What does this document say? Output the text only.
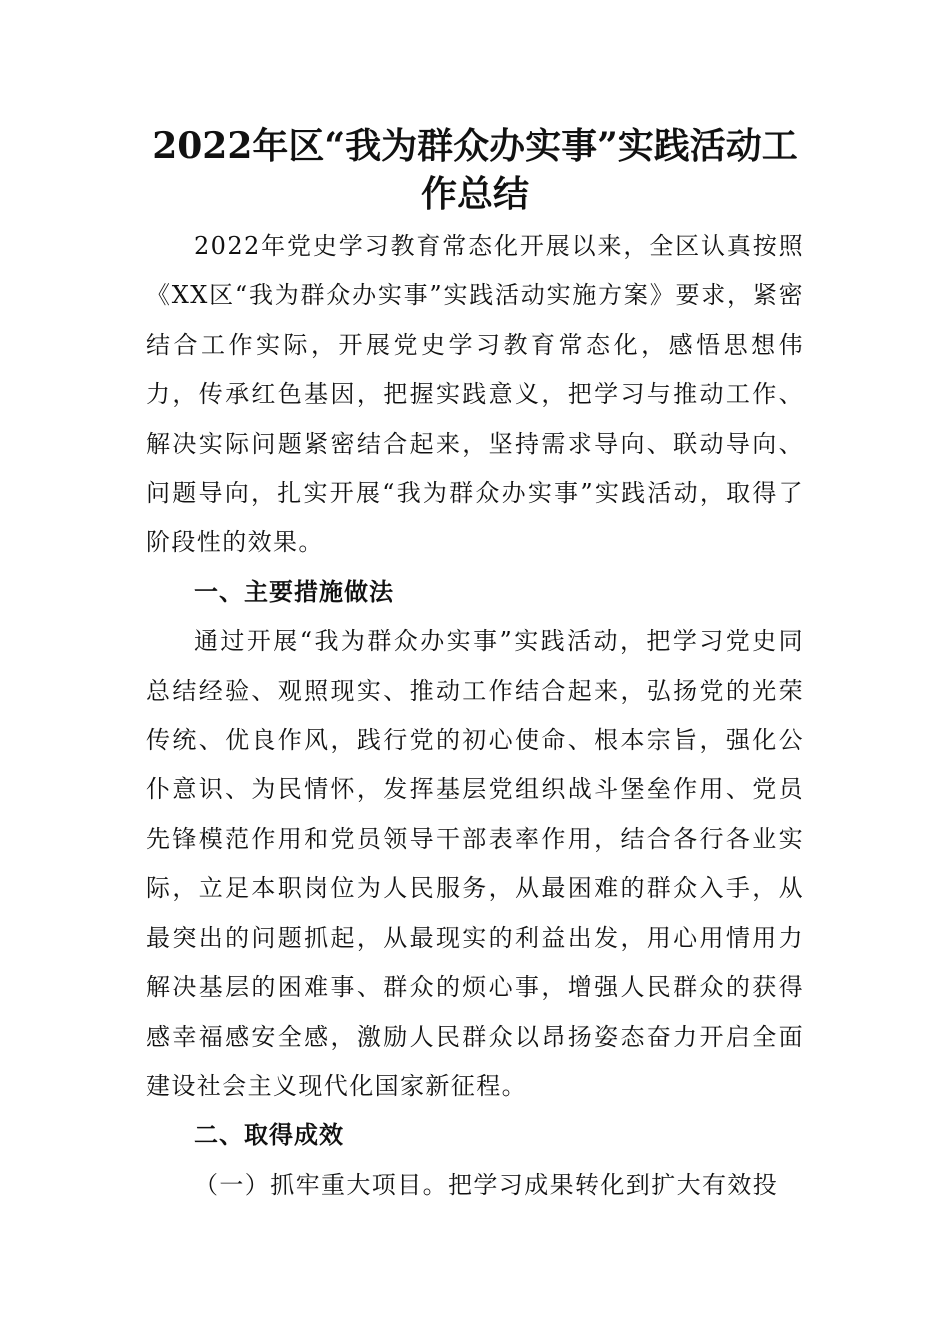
2022年区“我为群众办实事”实践活动工作总结

2022年党史学习教育常态化开展以来，全区认真按照《XX区“我为群众办实事”实践活动实施方案》要求，紧密结合工作实际，开展党史学习教育常态化，感悟思想伟力，传承红色基因，把握实践意义，把学习与推动工作、解决实际问题紧密结合起来，坚持需求导向、联动导向、问题导向，扎实开展“我为群众办实事”实践活动，取得了阶段性的效果。

一、主要措施做法

通过开展“我为群众办实事”实践活动，把学习党史同总结经验、观照现实、推动工作结合起来，弘扬党的光荣传统、优良作风，践行党的初心使命、根本宗旨，强化公仆意识、为民情怀，发挥基层党组织战斗堡垒作用、党员先锋模范作用和党员领导干部表率作用，结合各行各业实际，立足本职岗位为人民服务，从最困难的群众入手，从最突出的问题抓起，从最现实的利益出发，用心用情用力解决基层的困难事、群众的烦心事，增强人民群众的获得感幸福感安全感，激励人民群众以昂扬姿态奋力开启全面建设社会主义现代化国家新征程。

二、取得成效

（一）抓牢重大项目。把学习成果转化到扩大有效投
